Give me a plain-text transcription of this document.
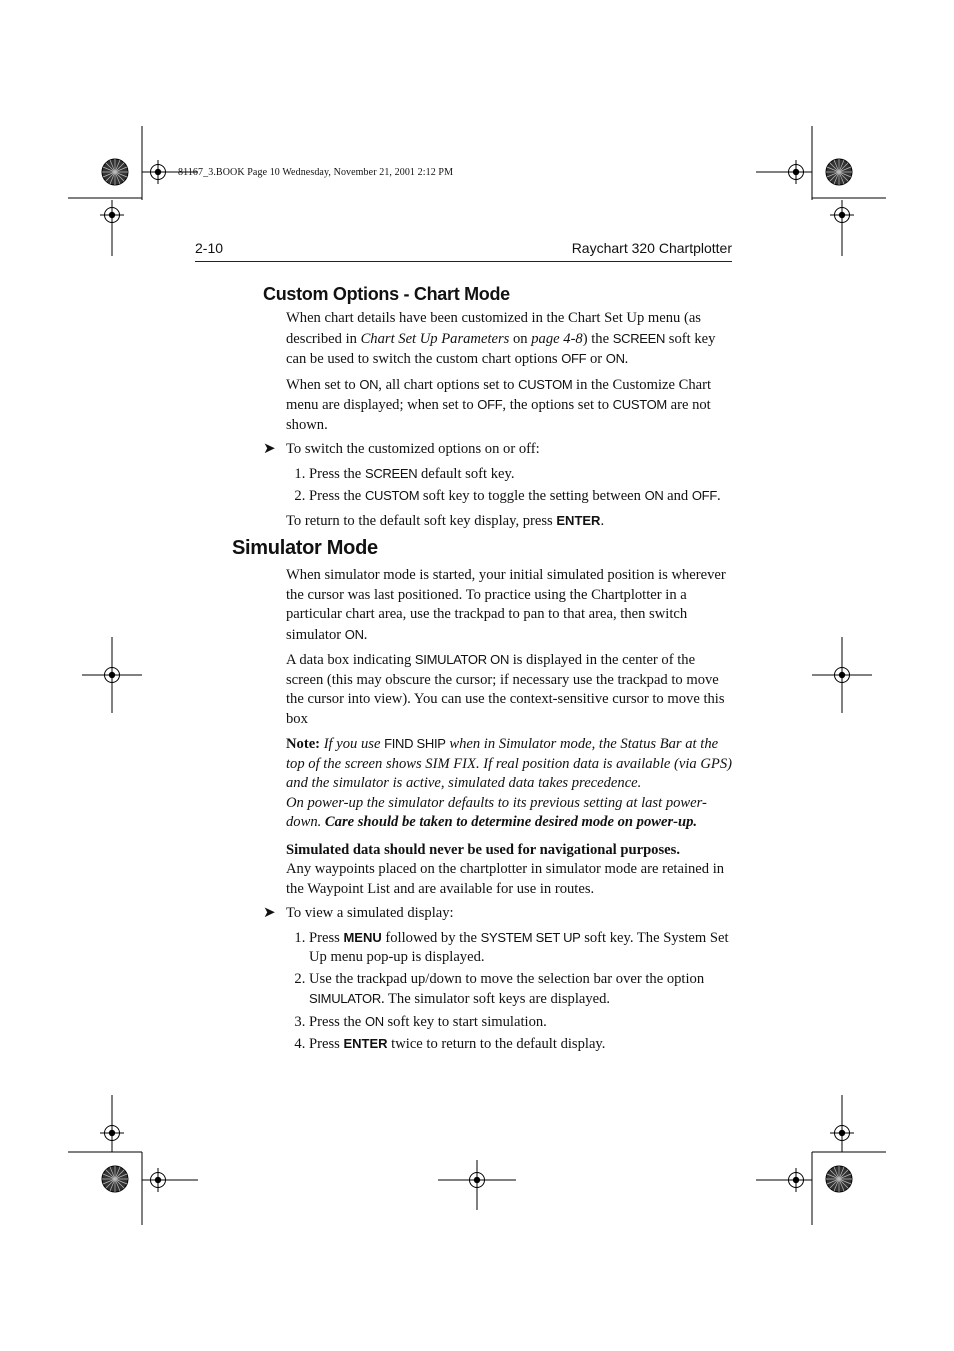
81167_3.BOOK Page 10 Wednesday, November 21, 2001 2:12 PM
2-10	Raychart 320 Chartplotter
Custom Options - Chart Mode

When chart details have been customized in the Chart Set Up menu (as described in Chart Set Up Parameters on page 4-8) the SCREEN soft key can be used to switch the custom chart options OFF or ON.

When set to ON, all chart options set to CUSTOM in the Customize Chart menu are displayed; when set to OFF, the options set to CUSTOM are not shown.

➤ To switch the customized options on or off:
1. Press the SCREEN default soft key.
2. Press the CUSTOM soft key to toggle the setting between ON and OFF.

To return to the default soft key display, press ENTER.

Simulator Mode

When simulator mode is started, your initial simulated position is wherever the cursor was last positioned. To practice using the Chartplotter in a particular chart area, use the trackpad to pan to that area, then switch simulator ON.

A data box indicating SIMULATOR ON is displayed in the center of the screen (this may obscure the cursor; if necessary use the trackpad to move the cursor into view). You can use the context-sensitive cursor to move this box

Note: If you use FIND SHIP when in Simulator mode, the Status Bar at the top of the screen shows SIM FIX. If real position data is available (via GPS) and the simulator is active, simulated data takes precedence.
On power-up the simulator defaults to its previous setting at last power-down. Care should be taken to determine desired mode on power-up.

Simulated data should never be used for navigational purposes.
Any waypoints placed on the chartplotter in simulator mode are retained in the Waypoint List and are available for use in routes.

➤ To view a simulated display:
1. Press MENU followed by the SYSTEM SET UP soft key. The System Set Up menu pop-up is displayed.
2. Use the trackpad up/down to move the selection bar over the option SIMULATOR. The simulator soft keys are displayed.
3. Press the ON soft key to start simulation.
4. Press ENTER twice to return to the default display.
